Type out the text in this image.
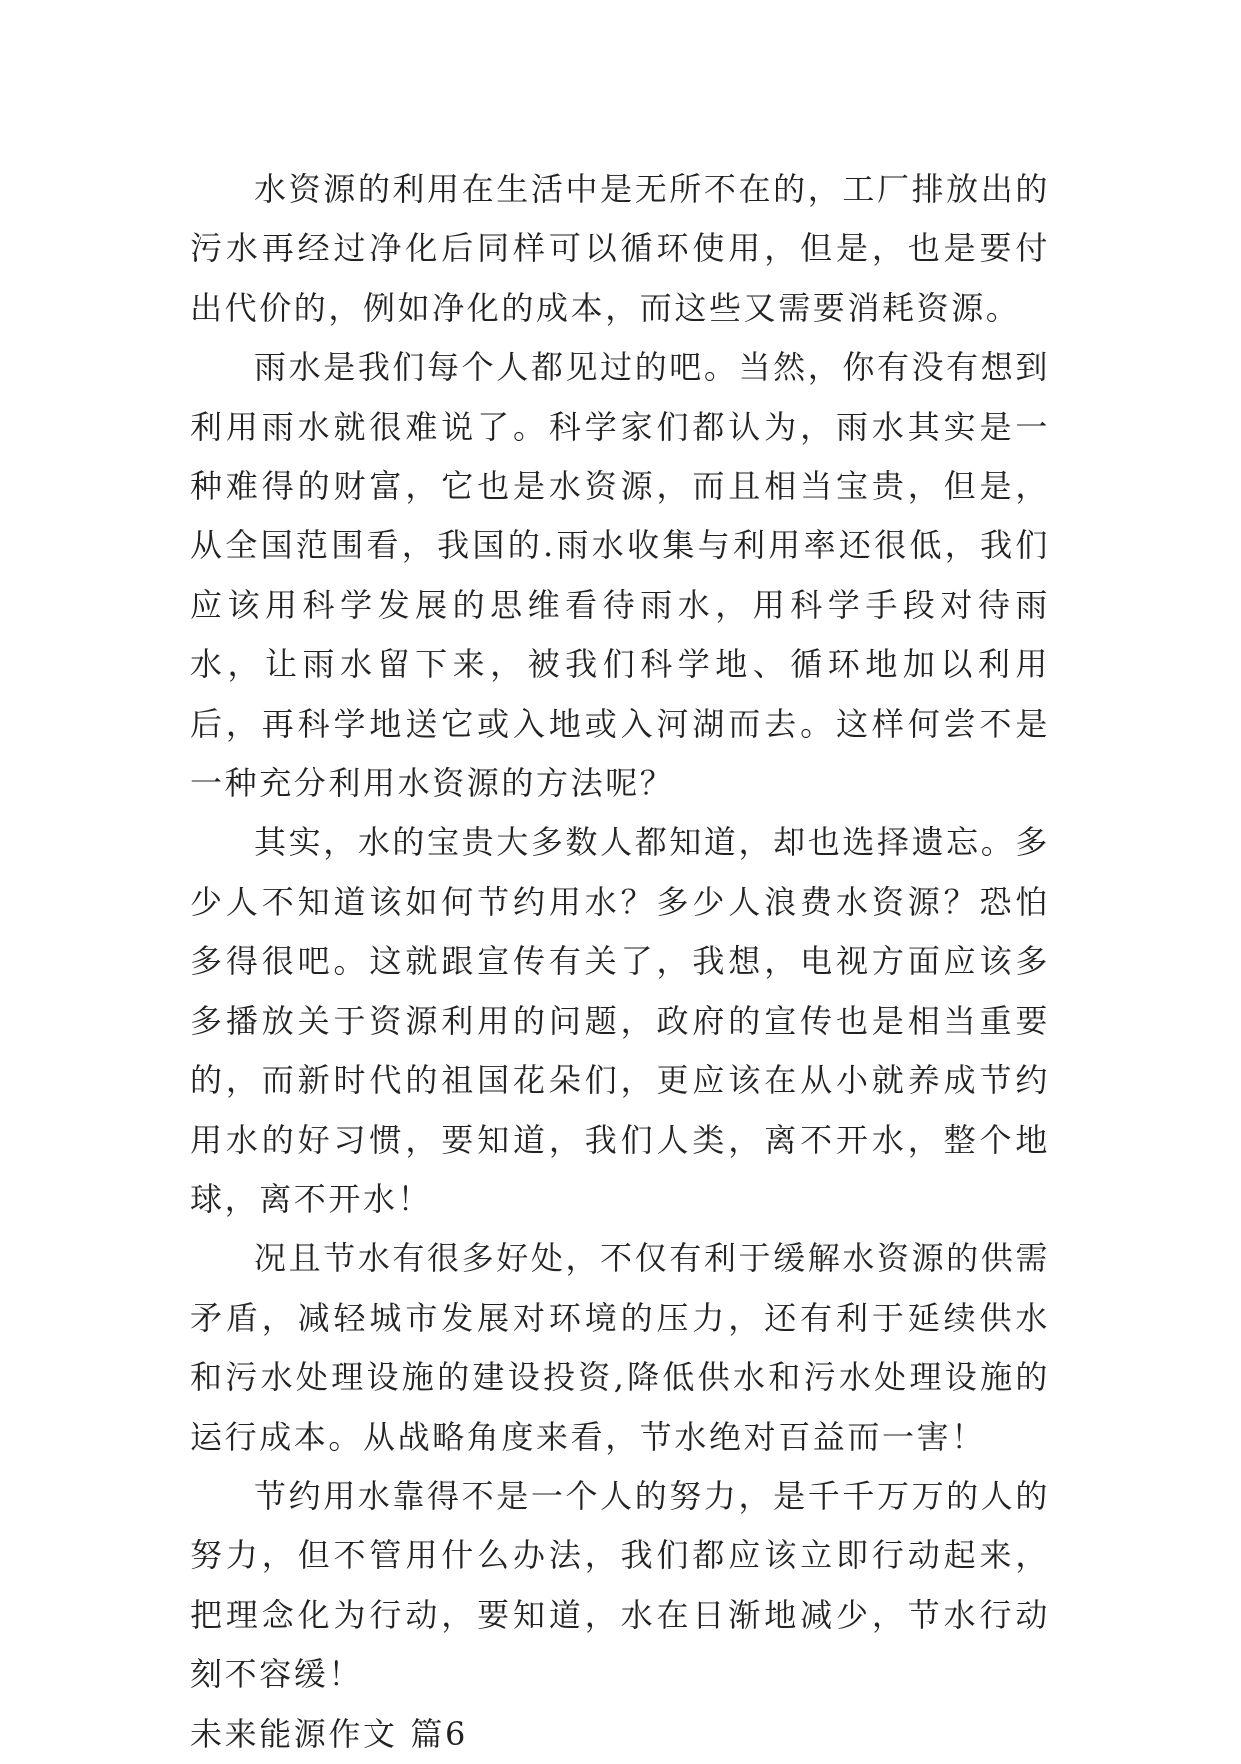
水资源的利用在生活中是无所不在的，工厂排放出的污水再经过净化后同样可以循环使用，但是，也是要付出代价的，例如净化的成本，而这些又需要消耗资源。

雨水是我们每个人都见过的吧。当然，你有没有想到利用雨水就很难说了。科学家们都认为，雨水其实是一种难得的财富，它也是水资源，而且相当宝贵，但是，从全国范围看，我国的.雨水收集与利用率还很低，我们应该用科学发展的思维看待雨水，用科学手段对待雨水，让雨水留下来，被我们科学地、循环地加以利用后，再科学地送它或入地或入河湖而去。这样何尝不是一种充分利用水资源的方法呢？

其实，水的宝贵大多数人都知道，却也选择遗忘。多少人不知道该如何节约用水？多少人浪费水资源？恐怕多得很吧。这就跟宣传有关了，我想，电视方面应该多多播放关于资源利用的问题，政府的宣传也是相当重要的，而新时代的祖国花朵们，更应该在从小就养成节约用水的好习惯，要知道，我们人类，离不开水，整个地球，离不开水！

况且节水有很多好处，不仅有利于缓解水资源的供需矛盾，减轻城市发展对环境的压力，还有利于延续供水和污水处理设施的建设投资,降低供水和污水处理设施的运行成本。从战略角度来看，节水绝对百益而一害！

节约用水靠得不是一个人的努力，是千千万万的人的努力，但不管用什么办法，我们都应该立即行动起来，把理念化为行动，要知道，水在日渐地减少，节水行动刻不容缓！

未来能源作文 篇6
